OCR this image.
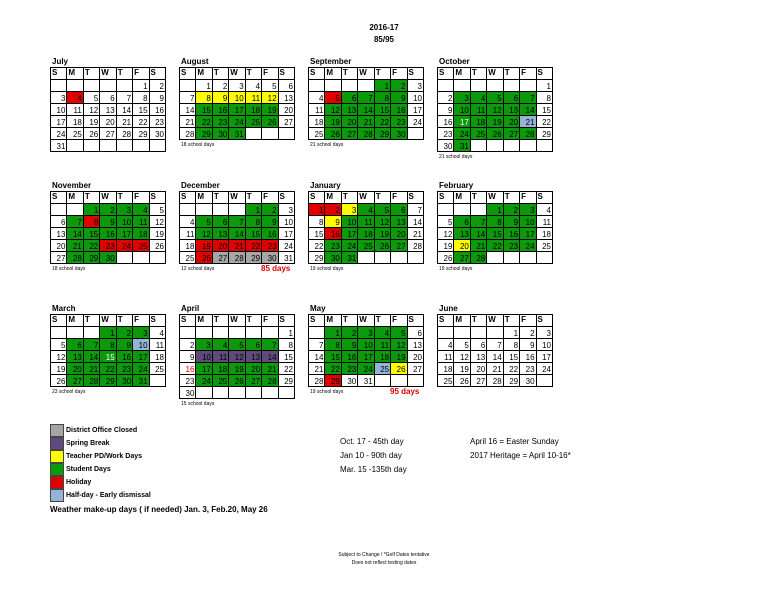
2016-17
85/95
July
S	M	T	W	T	F	S
					1	2
3	4	5	6	7	8	9
10	11	12	13	14	15	16
17	18	19	20	21	22	23
24	25	26	27	28	29	30
31						
August
S	M	T	W	T	F	S
	1	2	3	4	5	6
7	8	9	10	11	12	13
14	15	16	17	18	19	20
21	22	23	24	25	26	27
28	29	30	31			
18 school days
September
S	M	T	W	T	F	S
				1	2	3
4	5	6	7	8	9	10
11	12	13	14	15	16	17
18	19	20	21	22	23	24
25	26	27	28	29	30	
21 school days
October
S	M	T	W	T	F	S
						1
2	3	4	5	6	7	8
9	10	11	12	13	14	15
16	17	18	19	20	21	22
23	24	25	26	27	28	29
30	31					
21 school days
November
S	M	T	W	T	F	S
		1	2	3	4	5
6	7	8	9	10	11	12
13	14	15	16	17	18	19
20	21	22	23	24	25	26
27	28	29	30			
18 school days
December
S	M	T	W	T	F	S
				1	2	3
4	5	6	7	8	9	10
11	12	13	14	15	16	17
18	19	20	21	22	23	24
25	26	27	28	29	30	31
12 school days	85 days
January
S	M	T	W	T	F	S
1	2	3	4	5	6	7
8	9	10	11	12	13	14
15	16	17	18	19	20	21
22	23	24	25	26	27	28
29	30	31				
19 school days
February
S	M	T	W	T	F	S
			1	2	3	4
5	6	7	8	9	10	11
12	13	14	15	16	17	18
19	20	21	22	23	24	25
26	27	28				
19 school days
March
S	M	T	W	T	F	S
			1	2	3	4
5	6	7	8	9	10	11
12	13	14	15	16	17	18
19	20	21	22	23	24	25
26	27	28	29	30	31	
23 school days
April
S	M	T	W	T	F	S
						1
2	3	4	5	6	7	8
9	10	11	12	13	14	15
16	17	18	19	20	21	22
23	24	25	26	27	28	29
30						
15 school days
May
S	M	T	W	T	F	S
	1	2	3	4	5	6
7	8	9	10	11	12	13
14	15	16	17	18	19	20
21	22	23	24	25	26	27
28	29	30	31			
19 school days	95 days
June
S	M	T	W	T	F	S
				1	2	3
4	5	6	7	8	9	10
11	12	13	14	15	16	17
18	19	20	21	22	23	24
25	26	27	28	29	30	
District Office Closed
Spring Break
Teacher PD/Work Days
Student Days
Holiday
Half-day - Early dismissal
Weather make-up days ( if needed) Jan. 3, Feb.20, May 26
Oct. 17 - 45th day
Jan 10 - 90th day
Mar. 15 -135th day
April 16 = Easter Sunday
2017 Heritage = April 10-16*
Subject to Change / *Golf Dates tentative
Does not reflect testing dates
